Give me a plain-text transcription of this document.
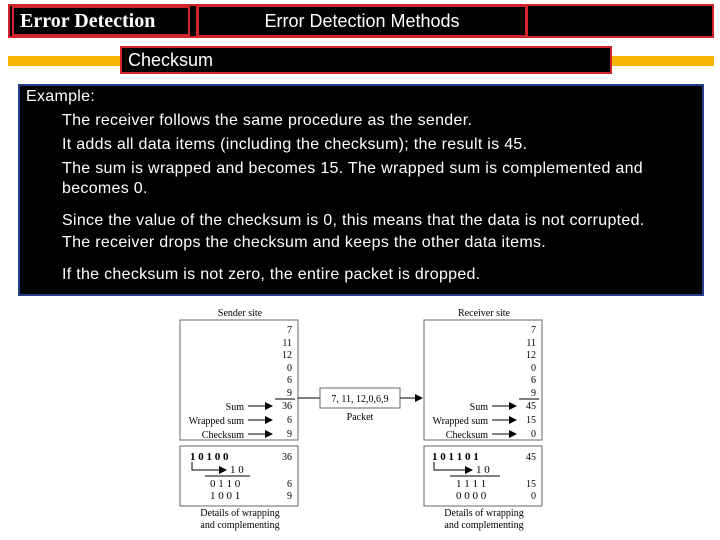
Error Detection	Error Detection Methods
Checksum
Example:
The receiver follows the same procedure as the sender.
It adds all data items (including the checksum); the result is 45.
The sum is wrapped and becomes 15. The wrapped sum is complemented and
becomes 0.
Since the value of the checksum is 0, this means that the data is not corrupted.
The receiver drops the checksum and keeps the other data items.
If the checksum is not zero, the entire packet is dropped.
Sender site
7
11
12
0
6
9
36
6
9
Sum
Wrapped sum
Checksum
1 0 1 0 0
1 0
0 1 1 0
1 0 0 1
36
6
9
Details of wrapping
and complementing
7, 11, 12,0,6,9
Packet
Receiver site
7
11
12
0
6
9
45
15
0
Sum
Wrapped sum
Checksum
1 0 1 1 0 1
1 0
1 1 1 1
0 0 0 0
45
15
0
Details of wrapping
and complementing
